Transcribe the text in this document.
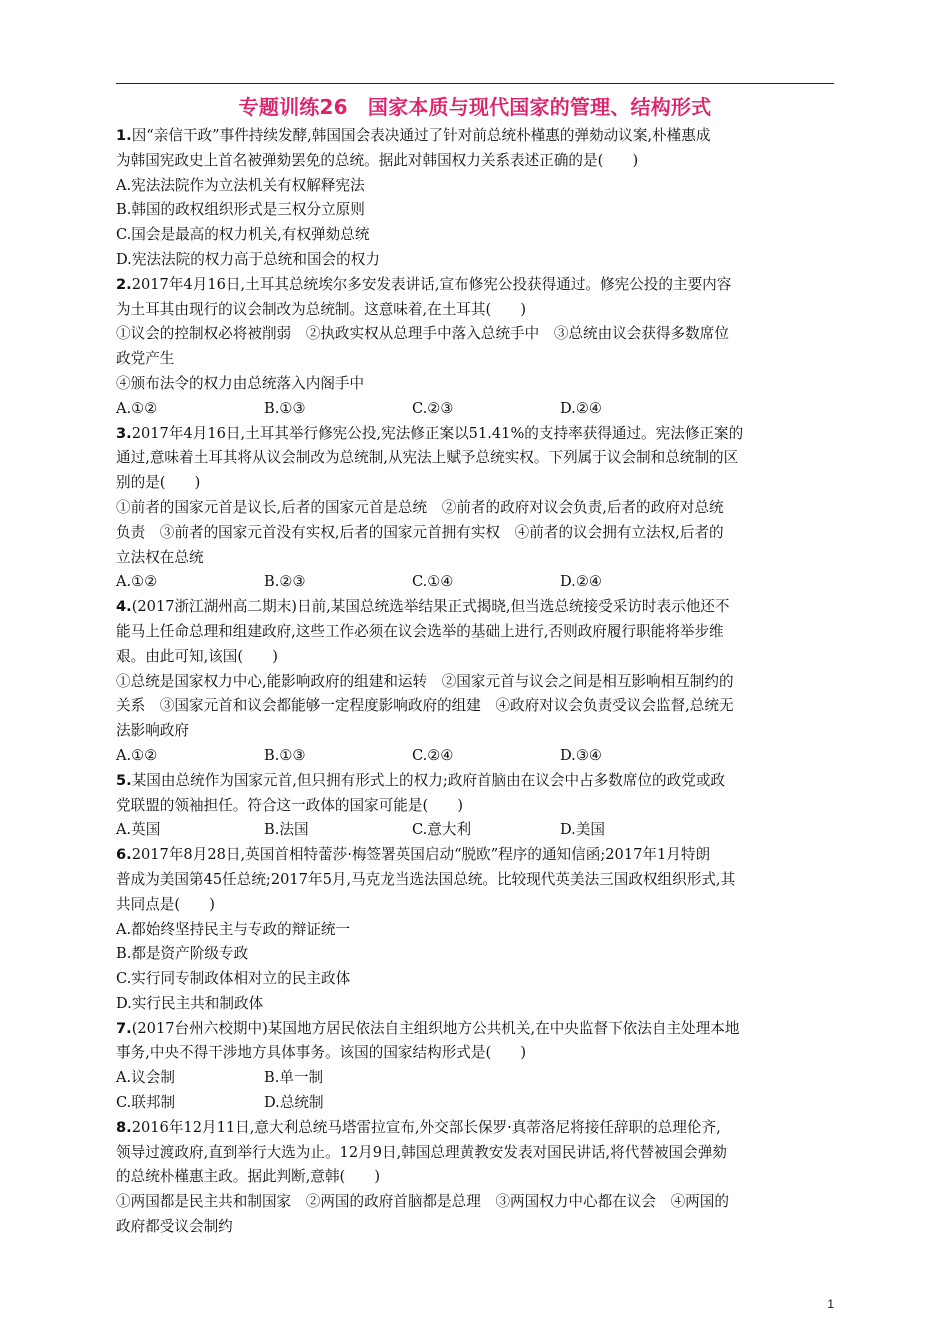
专题训练26　国家本质与现代国家的管理、结构形式
1.因“亲信干政”事件持续发酵,韩国国会表决通过了针对前总统朴槿惠的弹劾动议案,朴槿惠成
为韩国宪政史上首名被弹劾罢免的总统。据此对韩国权力关系表述正确的是(　　)
A.宪法法院作为立法机关有权解释宪法
B.韩国的政权组织形式是三权分立原则
C.国会是最高的权力机关,有权弹劾总统
D.宪法法院的权力高于总统和国会的权力
2.2017年4月16日,土耳其总统埃尔多安发表讲话,宣布修宪公投获得通过。修宪公投的主要内容
为土耳其由现行的议会制改为总统制。这意味着,在土耳其(　　)
①议会的控制权必将被削弱　②执政实权从总理手中落入总统手中　③总统由议会获得多数席位
政党产生
④颁布法令的权力由总统落入内阁手中
A.①②	B.①③	C.②③	D.②④
3.2017年4月16日,土耳其举行修宪公投,宪法修正案以51.41%的支持率获得通过。宪法修正案的
通过,意味着土耳其将从议会制改为总统制,从宪法上赋予总统实权。下列属于议会制和总统制的区
别的是(　　)
①前者的国家元首是议长,后者的国家元首是总统　②前者的政府对议会负责,后者的政府对总统
负责　③前者的国家元首没有实权,后者的国家元首拥有实权　④前者的议会拥有立法权,后者的
立法权在总统
A.①②	B.②③	C.①④	D.②④
4.(2017浙江湖州高二期末)日前,某国总统选举结果正式揭晓,但当选总统接受采访时表示他还不
能马上任命总理和组建政府,这些工作必须在议会选举的基础上进行,否则政府履行职能将举步维
艰。由此可知,该国(　　)
①总统是国家权力中心,能影响政府的组建和运转　②国家元首与议会之间是相互影响相互制约的
关系　③国家元首和议会都能够一定程度影响政府的组建　④政府对议会负责受议会监督,总统无
法影响政府
A.①②	B.①③	C.②④	D.③④
5.某国由总统作为国家元首,但只拥有形式上的权力;政府首脑由在议会中占多数席位的政党或政
党联盟的领袖担任。符合这一政体的国家可能是(　　)
A.英国	B.法国	C.意大利	D.美国
6.2017年8月28日,英国首相特蕾莎·梅签署英国启动“脱欧”程序的通知信函;2017年1月特朗
普成为美国第45任总统;2017年5月,马克龙当选法国总统。比较现代英美法三国政权组织形式,其
共同点是(　　)
A.都始终坚持民主与专政的辩证统一
B.都是资产阶级专政
C.实行同专制政体相对立的民主政体
D.实行民主共和制政体
7.(2017台州六校期中)某国地方居民依法自主组织地方公共机关,在中央监督下依法自主处理本地
事务,中央不得干涉地方具体事务。该国的国家结构形式是(　　)
A.议会制	B.单一制
C.联邦制	D.总统制
8.2016年12月11日,意大利总统马塔雷拉宣布,外交部长保罗·真蒂洛尼将接任辞职的总理伦齐,
领导过渡政府,直到举行大选为止。12月9日,韩国总理黄教安发表对国民讲话,将代替被国会弹劾
的总统朴槿惠主政。据此判断,意韩(　　)
①两国都是民主共和制国家　②两国的政府首脑都是总理　③两国权力中心都在议会　④两国的
政府都受议会制约
1
